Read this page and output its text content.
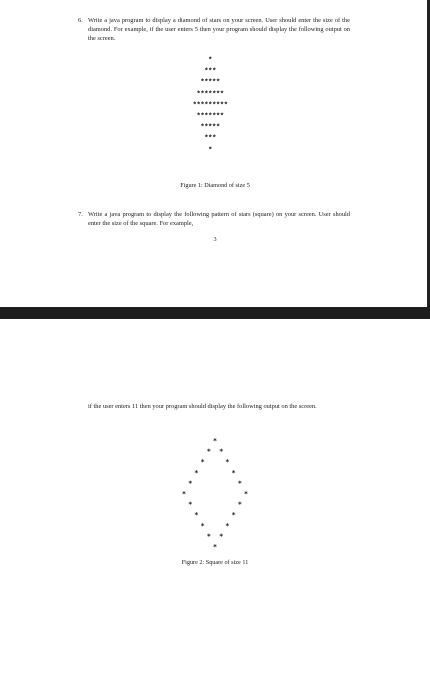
6. Write a java program to display a diamond of stars on your screen. User should enter the size of the diamond. For example, if the user enters 5 then your program should display the following output on the screen.
*
***
*****
*******
*********
*******
*****
***
*
Figure 1: Diamond of size 5
7. Write a java program to display the following pattern of stars (square) on your screen. User should enter the size of the square. For example,
3
if the user enters 11 then your program should display the following output on the screen.
Figure 2: Square of size 11
*
* *
*	*
*	*
*	*
*	*
*	*
*	*
*	*
* *
*
